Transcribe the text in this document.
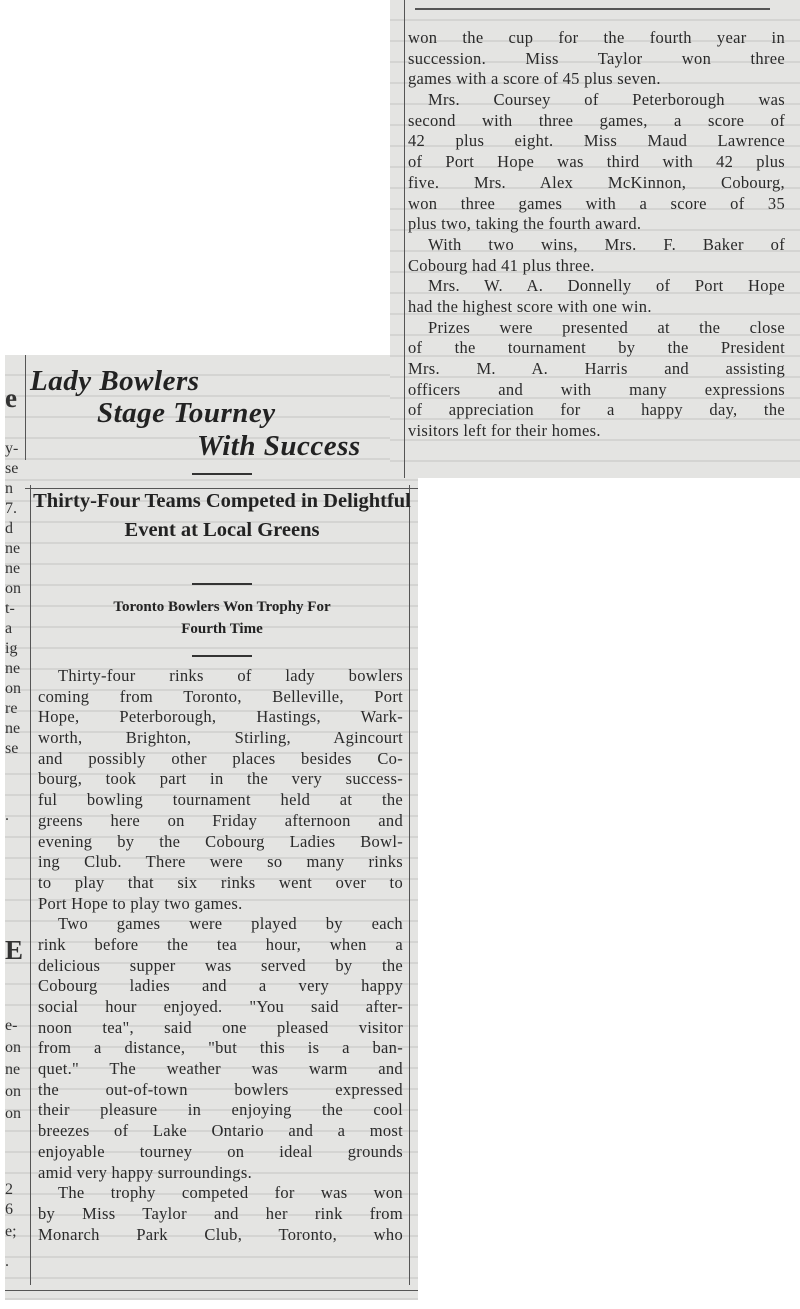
won the cup for the fourth year in
succession. Miss Taylor won three
games with a score of 45 plus seven.
Mrs. Coursey of Peterborough was
second with three games, a score of
42 plus eight. Miss Maud Lawrence
of Port Hope was third with 42 plus
five. Mrs. Alex McKinnon, Cobourg,
won three games with a score of 35
plus two, taking the fourth award.
With two wins, Mrs. F. Baker of
Cobourg had 41 plus three.
Mrs. W. A. Donnelly of Port Hope
had the highest score with one win.
Prizes were presented at the close
of the tournament by the President
Mrs. M. A. Harris and assisting
officers and with many expressions
of appreciation for a happy day, the
visitors left for their homes.
e
y-
se
n
7.
d
ne
ne
on
t-
a
ig
ne
on
re
ne
se
.
E
e-
on
ne
on
on
2
6
e;
.
Lady Bowlers
Stage Tourney
With Success
Thirty-Four Teams Competed in Delightful Event at Local Greens
Toronto Bowlers Won Trophy For
Fourth Time
Thirty-four rinks of lady bowlers
coming from Toronto, Belleville, Port
Hope, Peterborough, Hastings, Wark-
worth, Brighton, Stirling, Agincourt
and possibly other places besides Co-
bourg, took part in the very success-
ful bowling tournament held at the
greens here on Friday afternoon and
evening by the Cobourg Ladies Bowl-
ing Club. There were so many rinks
to play that six rinks went over to
Port Hope to play two games.
Two games were played by each
rink before the tea hour, when a
delicious supper was served by the
Cobourg ladies and a very happy
social hour enjoyed. "You said after-
noon tea", said one pleased visitor
from a distance, "but this is a ban-
quet." The weather was warm and
the out-of-town bowlers expressed
their pleasure in enjoying the cool
breezes of Lake Ontario and a most
enjoyable tourney on ideal grounds
amid very happy surroundings.
The trophy competed for was won
by Miss Taylor and her rink from
Monarch Park Club, Toronto, who
